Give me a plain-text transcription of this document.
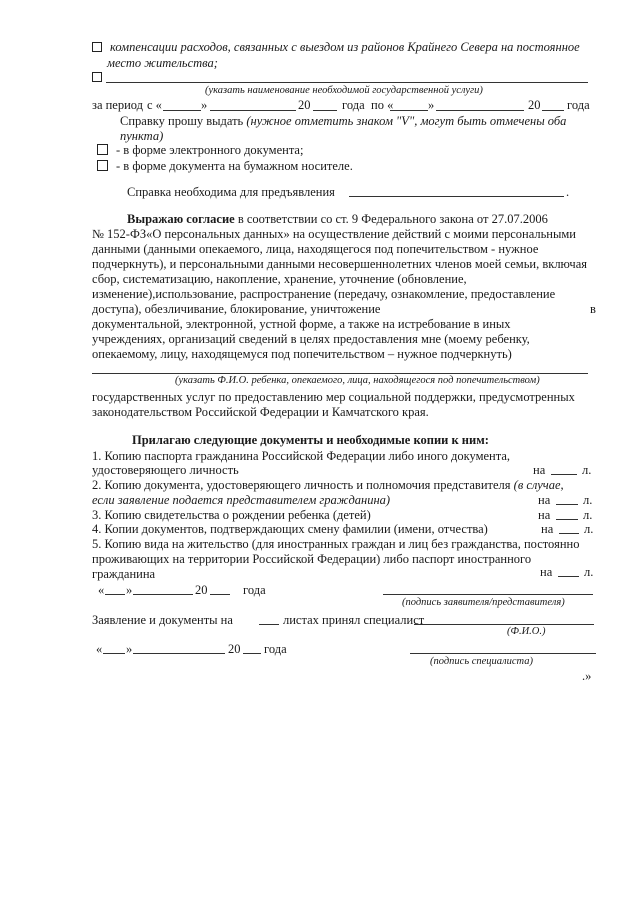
компенсации расходов, связанных с выездом из районов Крайнего Севера на постоянное
место жительства;
(указать наименование необходимой государственной услуги)
за период с «	»	20	года по «	»	20 года
Справку прошу выдать (нужное отметить знаком "V", могут быть отмечены оба
пункта)
- в форме электронного документа;
- в форме документа на бумажном носителе.
Справка необходима для предъявления	.
Выражаю согласие в соответствии со ст. 9 Федерального закона от 27.07.2006
№ 152-ФЗ«О персональных данных» на осуществление действий с моими персональными
данными (данными опекаемого, лица, находящегося под попечительством - нужное
подчеркнуть), и персональными данными несовершеннолетних членов моей семьи, включая
сбор, систематизацию, накопление, хранение, уточнение (обновление,
изменение),использование, распространение (передачу, ознакомление, предоставление
доступа), обезличивание, блокирование, уничтожение	в
документальной, электронной, устной форме, а также на истребование в иных
учреждениях, организаций сведений в целях предоставления мне (моему ребенку,
опекаемому, лицу, находящемуся под попечительством – нужное подчеркнуть)
(указать Ф.И.О. ребенка, опекаемого, лица, находящегося под попечительством)
государственных услуг по предоставлению мер социальной поддержки, предусмотренных
законодательством Российской Федерации и Камчатского края.
Прилагаю следующие документы и необходимые копии к ним:
1. Копию паспорта гражданина Российской Федерации либо иного документа,
удостоверяющего личность	на	л.
2. Копию документа, удостоверяющего личность и полномочия представителя (в случае,
если заявление подается представителем гражданина)	на	л.
3. Копию свидетельства о рождении ребенка (детей)	на	л.
4. Копии документов, подтверждающих смену фамилии (имени, отчества)	на л.
5. Копию вида на жительство (для иностранных граждан и лиц без гражданства, постоянно
проживающих на территории Российской Федерации) либо паспорт иностранного
гражданина	на	л.
« »	20	года
(подпись заявителя/представителя)
Заявление и документы на	листах принял специалист
(Ф.И.О.)
« »	20 года
(подпись специалиста)
.»
